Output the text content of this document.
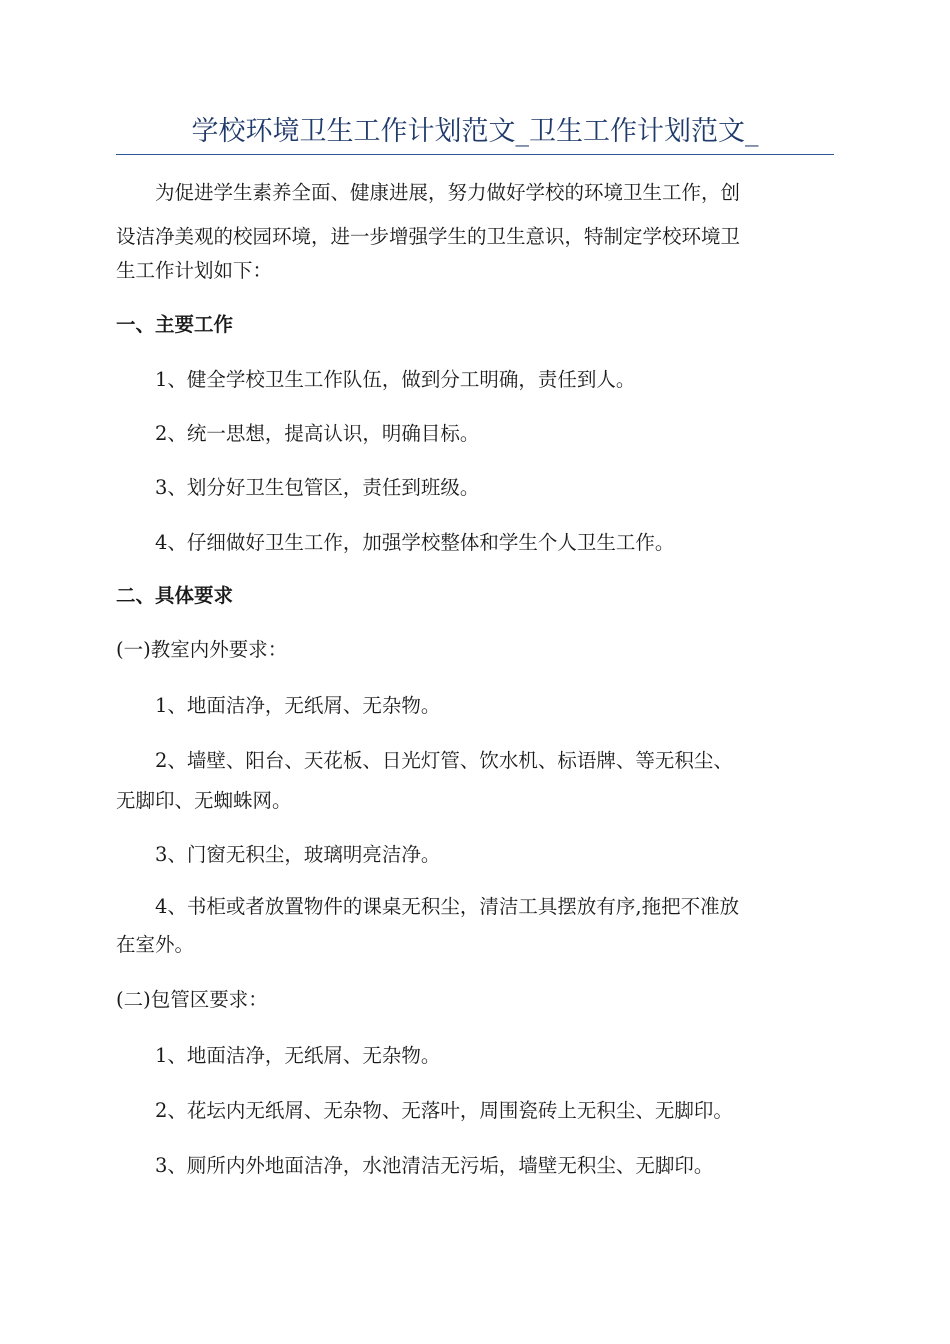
学校环境卫生工作计划范文_卫生工作计划范文_
为促进学生素养全面、健康进展，努力做好学校的环境卫生工作，创
设洁净美观的校园环境，进一步增强学生的卫生意识，特制定学校环境卫
生工作计划如下：
一、主要工作
1、健全学校卫生工作队伍，做到分工明确，责任到人。
2、统一思想，提高认识，明确目标。
3、划分好卫生包管区，责任到班级。
4、仔细做好卫生工作，加强学校整体和学生个人卫生工作。
二、具体要求
(一)教室内外要求：
1、地面洁净，无纸屑、无杂物。
2、墙壁、阳台、天花板、日光灯管、饮水机、标语牌、等无积尘、
无脚印、无蜘蛛网。
3、门窗无积尘，玻璃明亮洁净。
4、书柜或者放置物件的课桌无积尘，清洁工具摆放有序,拖把不准放
在室外。
(二)包管区要求：
1、地面洁净，无纸屑、无杂物。
2、花坛内无纸屑、无杂物、无落叶，周围瓷砖上无积尘、无脚印。
3、厕所内外地面洁净，水池清洁无污垢，墙壁无积尘、无脚印。
